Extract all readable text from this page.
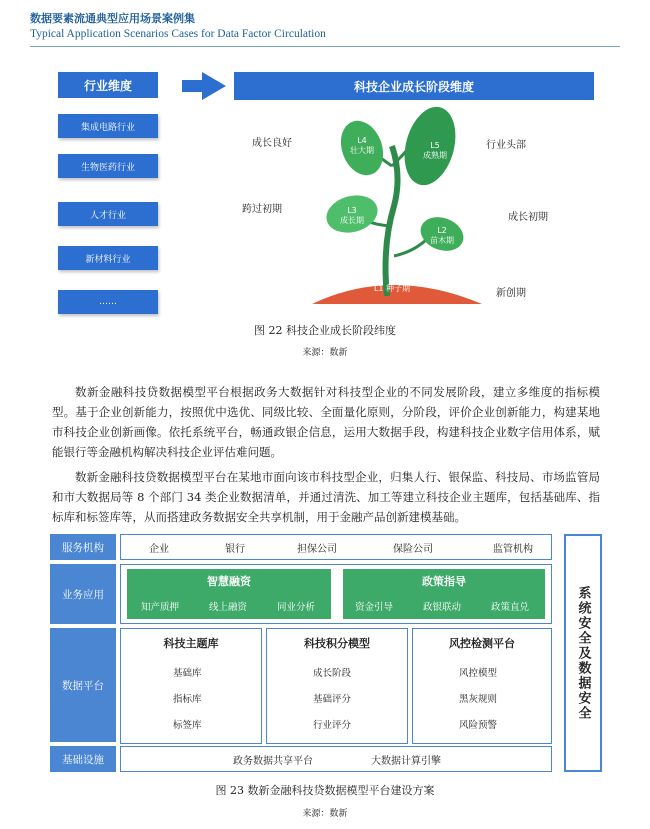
数据要素流通典型应用场景案例集
Typical Application Scenarios Cases for Data Factor Circulation
行业维度	科技企业成长阶段维度
集成电路行业
生物医药行业
人才行业
新材料行业
……
L4
壮大期
L5
成熟期
L3
成长期
L2
苗木期
L1 种子期
成长良好	行业头部
跨过初期
成长初期
新创期
图 22 科技企业成长阶段纬度
来源：数新
数新金融科技贷数据模型平台根据政务大数据针对科技型企业的不同发展阶段，建立多维度的指标模型。基于企业创新能力，按照优中选优、同级比较、全面量化原则，分阶段，评价企业创新能力，构建某地市科技企业创新画像。依托系统平台，畅通政银企信息，运用大数据手段，构建科技企业数字信用体系，赋能银行等金融机构解决科技企业评估难问题。
数新金融科技贷数据模型平台在某地市面向该市科技型企业，归集人行、银保监、科技局、市场监管局和市大数据局等 8 个部门 34 类企业数据清单，并通过清洗、加工等建立科技企业主题库，包括基础库、指标库和标签库等，从而搭建政务数据安全共享机制，用于金融产品创新建模基础。
服务机构
业务应用
数据平台
基础设施
企业	银行	担保公司	保险公司	监管机构
智慧融资
知产质押	线上融资	同业分析
政策指导
资金引导	政银联动	政策直兑
科技主题库
基础库
指标库
标签库
科技积分模型
成长阶段
基础评分
行业评分
风控检测平台
风控模型
黑灰规则
风险预警
政务数据共享平台	大数据计算引擎
系统安全及数据安全
图 23 数新金融科技贷数据模型平台建设方案
来源：数新
